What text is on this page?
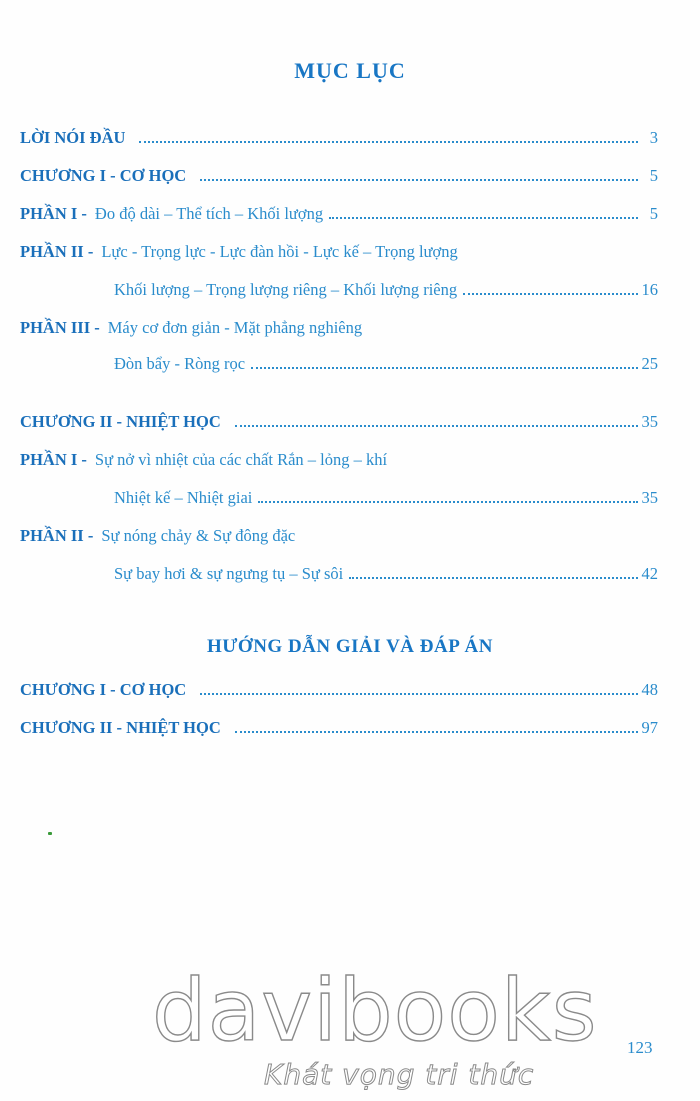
MỤC LỤC
LỜI NÓI ĐẦU	3
CHƯƠNG I - CƠ HỌC	5
PHẦN I - Đo độ dài – Thể tích – Khối lượng	5
PHẦN II - Lực - Trọng lực - Lực đàn hồi - Lực kế – Trọng lượng
Khối lượng – Trọng lượng riêng – Khối lượng riêng	16
PHẦN III - Máy cơ đơn giản - Mặt phẳng nghiêng
Đòn bẩy - Ròng rọc	25
CHƯƠNG II - NHIỆT HỌC	35
PHẦN I - Sự nở vì nhiệt của các chất Rắn – lỏng – khí
Nhiệt kế – Nhiệt giai	35
PHẦN II - Sự nóng chảy & Sự đông đặc
Sự bay hơi & sự ngưng tụ – Sự sôi	42
HƯỚNG DẪN GIẢI VÀ ĐÁP ÁN
CHƯƠNG I - CƠ HỌC	48
CHƯƠNG II - NHIỆT HỌC	97
123
davibooks
Khát vọng tri thức
